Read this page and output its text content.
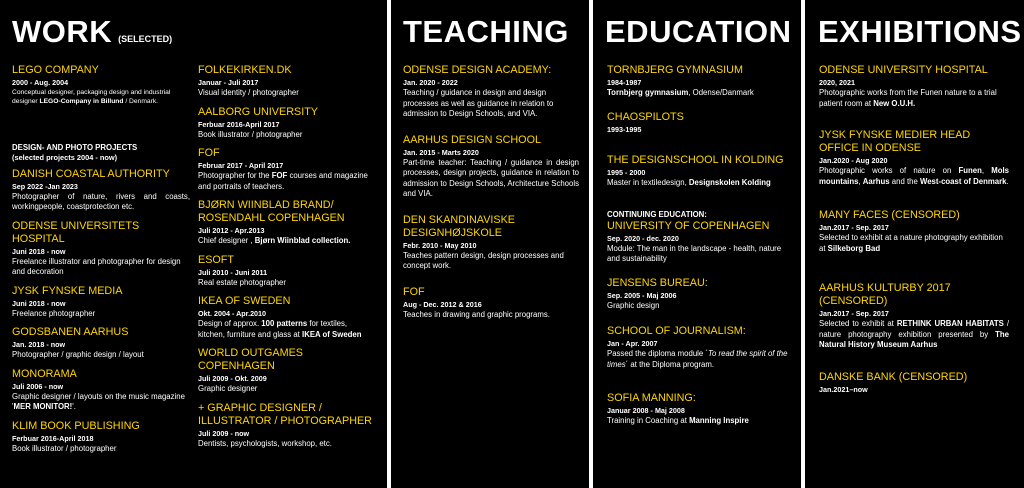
WORK (SELECTED)
LEGO COMPANY
2000 - Aug. 2004
Conceptual designer, packaging design and industrial designer LEGO-Company in Billund / Denmark.
DESIGN- AND PHOTO PROJECTS
(selected projects 2004 - now)
DANISH COASTAL AUTHORITY
Sep 2022 -Jan 2023
Photographer of nature, rivers and coasts, workingpeople, coastprotection etc.
ODENSE UNIVERSITETS HOSPITAL
Juni 2018 - now
Freelance illustrator and photographer for design and decoration
JYSK FYNSKE MEDIA
Juni 2018 - now
Freelance photographer
GODSBANEN AARHUS
Jan. 2018 - now
Photographer / graphic design / layout
MONORAMA
Juli 2006 - now
Graphic designer / layouts on the music magazine 'MER MONITOR!'.
KLIM BOOK PUBLISHING
Ferbuar 2016-April 2018
Book illustrator / photographer
FOLKEKIRKEN.DK
Januar - Juli 2017
Visual identity / photographer
AALBORG UNIVERSITY
Ferbuar 2016-April 2017
Book illustrator / photographer
FOF
Februar 2017 - April 2017
Photographer for the FOF courses and magazine and portraits of teachers.
BJØRN WIINBLAD BRAND/ ROSENDAHL COPENHAGEN
Juli 2012 - Apr.2013
Chief designer , Bjørn Wiinblad collection.
ESOFT
Juli 2010 - Juni 2011
Real estate photographer
IKEA OF SWEDEN
Okt. 2004 - Apr.2010
Design of approx. 100 patterns for textiles, kitchen, furniture and glass at IKEA of Sweden
WORLD OUTGAMES COPENHAGEN
Juli 2009 - Okt. 2009
Graphic designer
+ GRAPHIC DESIGNER / ILLUSTRATOR / PHOTOGRAPHER
Juli 2009 - now
Dentists, psychologists, workshop, etc.
TEACHING
ODENSE DESIGN ACADEMY:
Jan. 2020 - 2022
Teaching / guidance in design and design processes as well as guidance in relation to admission to Design Schools, and VIA.
AARHUS DESIGN SCHOOL
Jan. 2015 - Marts 2020
Part-time teacher: Teaching / guidance in design processes, design projects, guidance in relation to admission to Design Schools, Architecture Schools and VIA.
DEN SKANDINAVISKE DESIGNHØJSKOLE
Febr. 2010 - May 2010
Teaches pattern design, design processes and concept work.
FOF
Aug - Dec. 2012 & 2016
Teaches in drawing and graphic programs.
EDUCATION
TORNBJERG GYMNASIUM
1984-1987
Tornbjerg gymnasium, Odense/Danmark
CHAOSPILOTS
1993-1995
THE DESIGNSCHOOL IN KOLDING
1995 - 2000
Master in textiledesign, Designskolen Kolding
CONTINUING EDUCATION:
UNIVERSITY OF COPENHAGEN
Sep. 2020 - dec. 2020
Module: The man in the landscape - health, nature and sustainability
JENSENS BUREAU:
Sep. 2005 - Maj 2006
Graphic design
SCHOOL OF JOURNALISM:
Jan - Apr. 2007
Passed the diploma module ´To read the spirit of the times´ at the Diploma program.
SOFIA MANNING:
Januar 2008 - Maj 2008
Training in Coaching at Manning Inspire
EXHIBITIONS
ODENSE UNIVERSITY HOSPITAL
2020, 2021
Photographic works from the Funen nature to a trial patient room at New O.U.H.
JYSK FYNSKE MEDIER HEAD OFFICE IN ODENSE
Jan.2020 - Aug 2020
Photographic works of nature on Funen, Mols mountains, Aarhus and the West-coast of Denmark.
MANY FACES (CENSORED)
Jan.2017 - Sep. 2017
Selected to exhibit at a nature photography exhibition at Silkeborg Bad
AARHUS KULTURBY 2017 (CENSORED)
Jan.2017 - Sep. 2017
Selected to exhibit at RETHINK URBAN HABITATS / nature photography exhibition presented by The Natural History Museum Aarhus
DANSKE BANK (CENSORED)
Jan.2021–now
